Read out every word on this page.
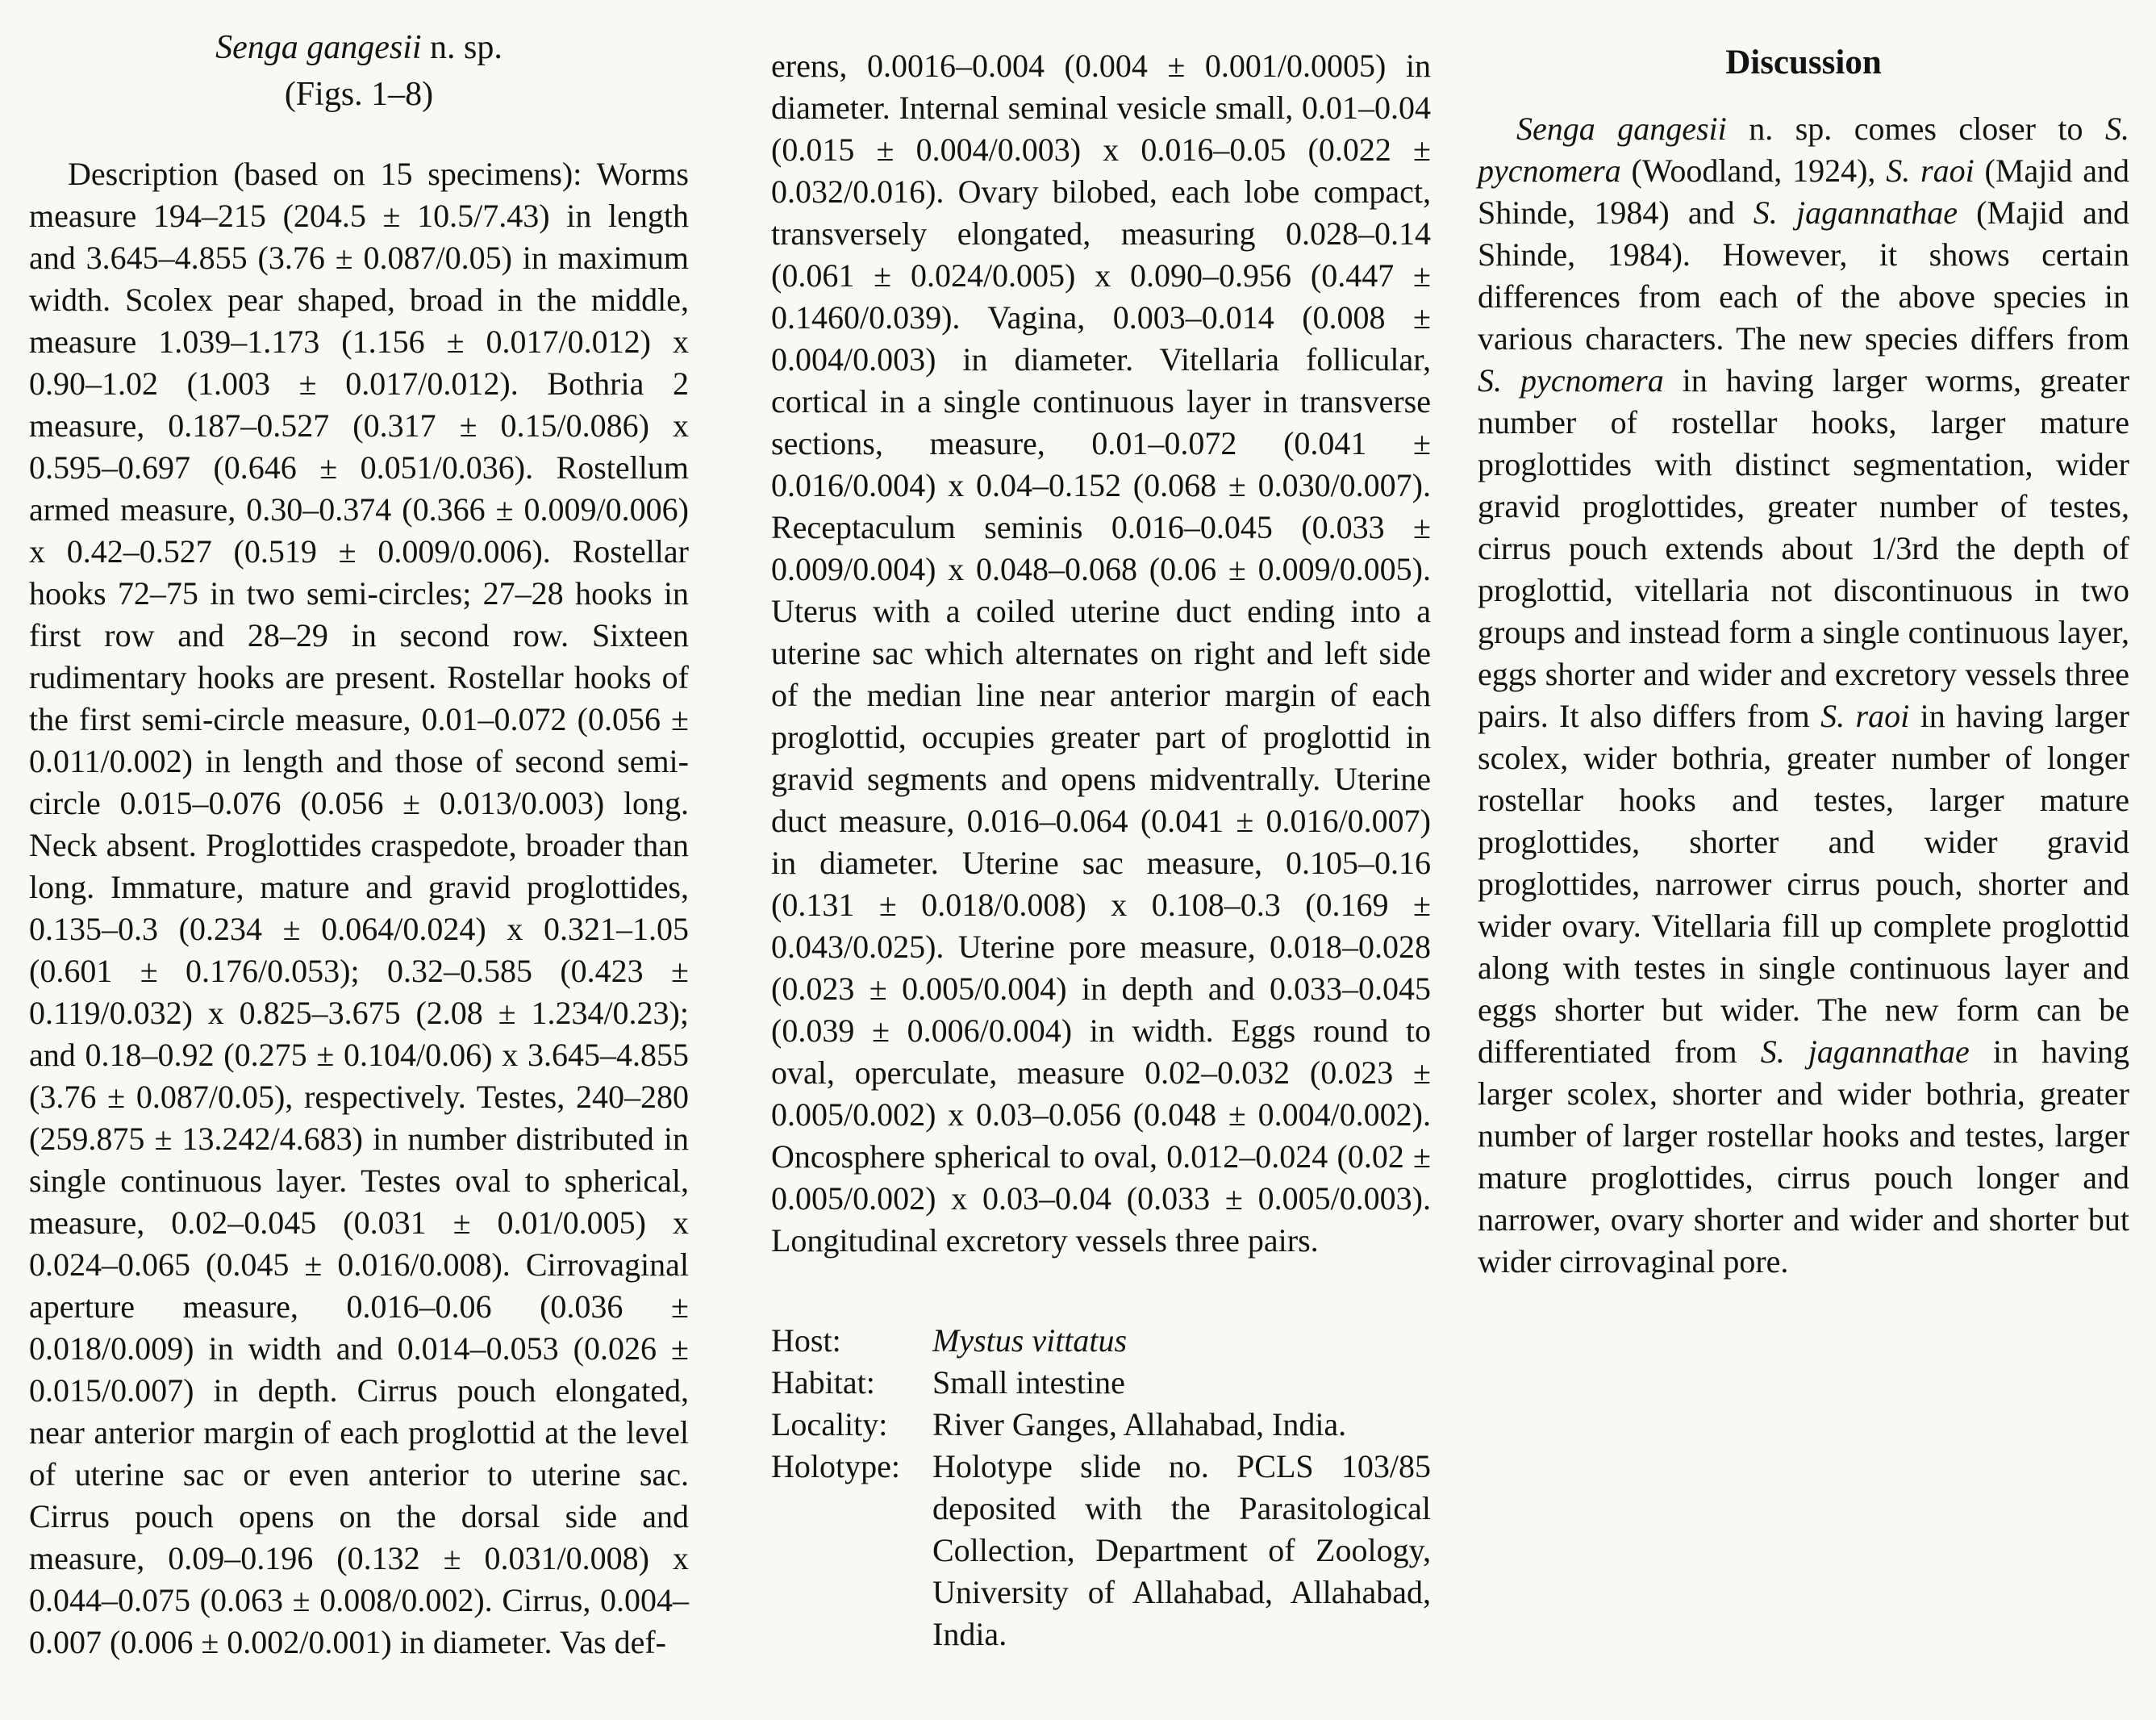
Senga gangesii n. sp.
(Figs. 1–8)

Description (based on 15 specimens): Worms measure 194–215 (204.5 ± 10.5/7.43) in length and 3.645–4.855 (3.76 ± 0.087/0.05) in maximum width. Scolex pear shaped, broad in the middle, measure 1.039–1.173 (1.156 ± 0.017/0.012) x 0.90–1.02 (1.003 ± 0.017/0.012). Bothria 2 measure, 0.187–0.527 (0.317 ± 0.15/0.086) x 0.595–0.697 (0.646 ± 0.051/0.036). Rostellum armed measure, 0.30–0.374 (0.366 ± 0.009/0.006) x 0.42–0.527 (0.519 ± 0.009/0.006). Rostellar hooks 72–75 in two semi-circles; 27–28 hooks in first row and 28–29 in second row. Sixteen rudimentary hooks are present. Rostellar hooks of the first semi-circle measure, 0.01–0.072 (0.056 ± 0.011/0.002) in length and those of second semi-circle 0.015–0.076 (0.056 ± 0.013/0.003) long. Neck absent. Proglottides craspedote, broader than long. Immature, mature and gravid proglottides, 0.135–0.3 (0.234 ± 0.064/0.024) x 0.321–1.05 (0.601 ± 0.176/0.053); 0.32–0.585 (0.423 ± 0.119/0.032) x 0.825–3.675 (2.08 ± 1.234/0.23); and 0.18–0.92 (0.275 ± 0.104/0.06) x 3.645–4.855 (3.76 ± 0.087/0.05), respectively. Testes, 240–280 (259.875 ± 13.242/4.683) in number distributed in single continuous layer. Testes oval to spherical, measure, 0.02–0.045 (0.031 ± 0.01/0.005) x 0.024–0.065 (0.045 ± 0.016/0.008). Cirrovaginal aperture measure, 0.016–0.06 (0.036 ± 0.018/0.009) in width and 0.014–0.053 (0.026 ± 0.015/0.007) in depth. Cirrus pouch elongated, near anterior margin of each proglottid at the level of uterine sac or even anterior to uterine sac. Cirrus pouch opens on the dorsal side and measure, 0.09–0.196 (0.132 ± 0.031/0.008) x 0.044–0.075 (0.063 ± 0.008/0.002). Cirrus, 0.004–0.007 (0.006 ± 0.002/0.001) in diameter. Vas def-

erens, 0.0016–0.004 (0.004 ± 0.001/0.0005) in diameter. Internal seminal vesicle small, 0.01–0.04 (0.015 ± 0.004/0.003) x 0.016–0.05 (0.022 ± 0.032/0.016). Ovary bilobed, each lobe compact, transversely elongated, measuring 0.028–0.14 (0.061 ± 0.024/0.005) x 0.090–0.956 (0.447 ± 0.1460/0.039). Vagina, 0.003–0.014 (0.008 ± 0.004/0.003) in diameter. Vitellaria follicular, cortical in a single continuous layer in transverse sections, measure, 0.01–0.072 (0.041 ± 0.016/0.004) x 0.04–0.152 (0.068 ± 0.030/0.007). Receptaculum seminis 0.016–0.045 (0.033 ± 0.009/0.004) x 0.048–0.068 (0.06 ± 0.009/0.005). Uterus with a coiled uterine duct ending into a uterine sac which alternates on right and left side of the median line near anterior margin of each proglottid, occupies greater part of proglottid in gravid segments and opens midventrally. Uterine duct measure, 0.016–0.064 (0.041 ± 0.016/0.007) in diameter. Uterine sac measure, 0.105–0.16 (0.131 ± 0.018/0.008) x 0.108–0.3 (0.169 ± 0.043/0.025). Uterine pore measure, 0.018–0.028 (0.023 ± 0.005/0.004) in depth and 0.033–0.045 (0.039 ± 0.006/0.004) in width. Eggs round to oval, operculate, measure 0.02–0.032 (0.023 ± 0.005/0.002) x 0.03–0.056 (0.048 ± 0.004/0.002). Oncosphere spherical to oval, 0.012–0.024 (0.02 ± 0.005/0.002) x 0.03–0.04 (0.033 ± 0.005/0.003). Longitudinal excretory vessels three pairs.

Host:	Mystus vittatus
Habitat:	Small intestine
Locality:	River Ganges, Allahabad, India.
Holotype:	Holotype slide no. PCLS 103/85 deposited with the Parasitological Collection, Department of Zoology, University of Allahabad, Allahabad, India.
Discussion

Senga gangesii n. sp. comes closer to S. pycnomera (Woodland, 1924), S. raoi (Majid and Shinde, 1984) and S. jagannathae (Majid and Shinde, 1984). However, it shows certain differences from each of the above species in various characters. The new species differs from S. pycnomera in having larger worms, greater number of rostellar hooks, larger mature proglottides with distinct segmentation, wider gravid proglottides, greater number of testes, cirrus pouch extends about 1/3rd the depth of proglottid, vitellaria not discontinuous in two groups and instead form a single continuous layer, eggs shorter and wider and excretory vessels three pairs. It also differs from S. raoi in having larger scolex, wider bothria, greater number of longer rostellar hooks and testes, larger mature proglottides, shorter and wider gravid proglottides, narrower cirrus pouch, shorter and wider ovary. Vitellaria fill up complete proglottid along with testes in single continuous layer and eggs shorter but wider. The new form can be differentiated from S. jagannathae in having larger scolex, shorter and wider bothria, greater number of larger rostellar hooks and testes, larger mature proglottides, cirrus pouch longer and narrower, ovary shorter and wider and shorter but wider cirrovaginal pore.
